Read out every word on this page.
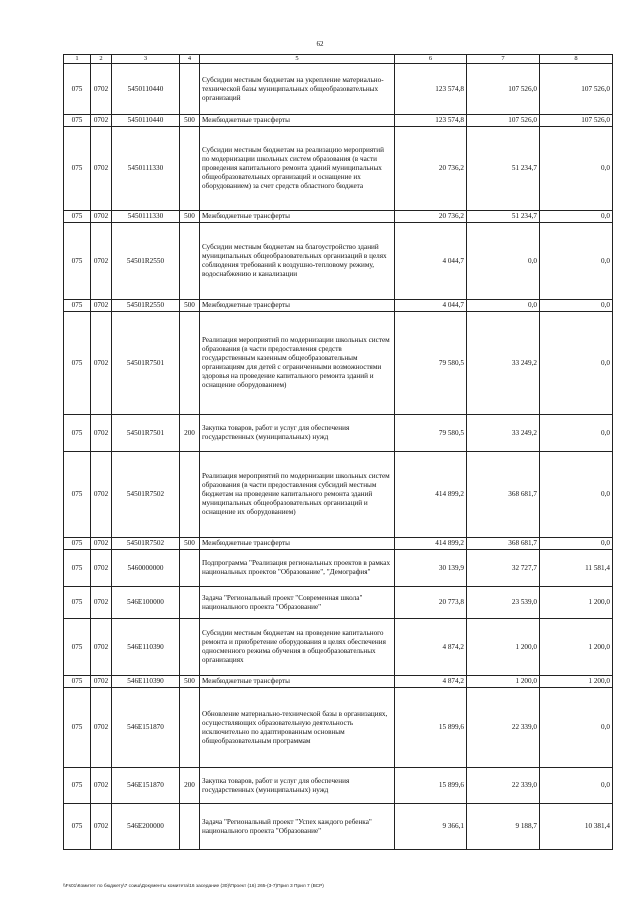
62
1	2	3	4	5	6	7	8
075	0702	5450110440		Субсидии местным бюджетам на укрепление материально-технической базы муниципальных общеобразовательных организаций	123 574,8	107 526,0	107 526,0
075	0702	5450110440	500	Межбюджетные трансферты	123 574,8	107 526,0	107 526,0
075	0702	5450111330		Субсидии местным бюджетам на реализацию мероприятий по модернизации школьных систем образования (в части проведения капитального ремонта зданий муниципальных общеобразовательных организаций и оснащение их оборудованием) за счет средств областного бюджета	20 736,2	51 234,7	0,0
075	0702	5450111330	500	Межбюджетные трансферты	20 736,2	51 234,7	0,0
075	0702	54501R2550		Субсидии местным бюджетам на благоустройство зданий муниципальных общеобразовательных организаций в целях соблюдения требований к воздушно-тепловому режиму, водоснабжению и канализации	4 044,7	0,0	0,0
075	0702	54501R2550	500	Межбюджетные трансферты	4 044,7	0,0	0,0
075	0702	54501R7501		Реализация мероприятий по модернизации школьных систем образования (в части предоставления средств государственным казенным общеобразовательным организациям для детей с ограниченными возможностями здоровья на проведение капитального ремонта зданий и оснащение оборудованием)	79 580,5	33 249,2	0,0
075	0702	54501R7501	200	Закупка товаров, работ и услуг для обеспечения государственных (муниципальных) нужд	79 580,5	33 249,2	0,0
075	0702	54501R7502		Реализация мероприятий по модернизации школьных систем образования (в части предоставления субсидий местным бюджетам на проведение капитального ремонта зданий муниципальных общеобразовательных организаций и оснащение их оборудованием)	414 899,2	368 681,7	0,0
075	0702	54501R7502	500	Межбюджетные трансферты	414 899,2	368 681,7	0,0
075	0702	5460000000		Подпрограмма "Реализация региональных проектов в рамках национальных проектов "Образование", "Демография"	30 139,9	32 727,7	11 581,4
075	0702	546E100000		Задача "Региональный проект "Современная школа" национального проекта "Образование"	20 773,8	23 539,0	1 200,0
075	0702	546E110390		Субсидии местным бюджетам на проведение капитального ремонта и приобретение оборудования в целях обеспечения односменного режима обучения в общеобразовательных организациях	4 874,2	1 200,0	1 200,0
075	0702	546E110390	500	Межбюджетные трансферты	4 874,2	1 200,0	1 200,0
075	0702	546E151870		Обновление материально-технической базы в организациях, осуществляющих образовательную деятельность исключительно по адаптированным основным общеобразовательным программам	15 899,6	22 339,0	0,0
075	0702	546E151870	200	Закупка товаров, работ и услуг для обеспечения государственных (муниципальных) нужд	15 899,6	22 339,0	0,0
075	0702	546E200000		Задача "Региональный проект "Успех каждого ребенка" национального проекта "Образование"	9 366,1	9 188,7	10 381,4
\\Fs01\Комитет по бюджету\7 соиш\Документы комитета\16 заседание (30)\Проект (16) 265-(3-7)Прил 3 Прил 7 (ВСР)
